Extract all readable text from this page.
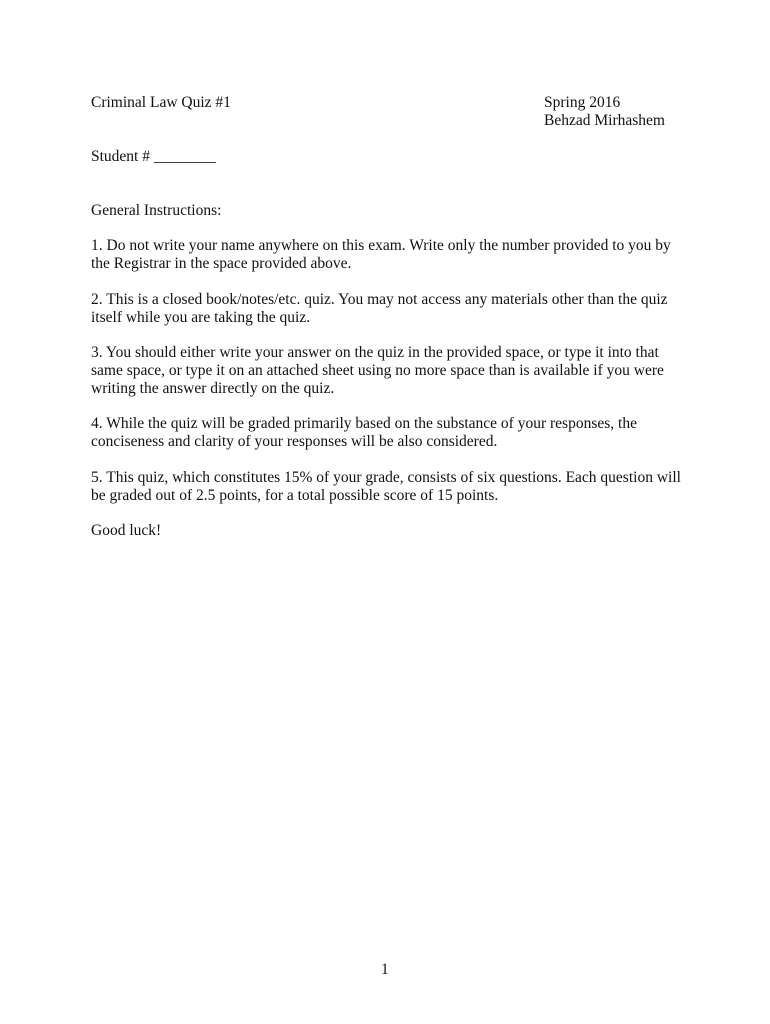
Criminal Law Quiz #1	Spring 2016
Behzad Mirhashem
Student # ________
General Instructions:
1. Do not write your name anywhere on this exam. Write only the number provided to you by
the Registrar in the space provided above.
2. This is a closed book/notes/etc. quiz. You may not access any materials other than the quiz
itself while you are taking the quiz.
3. You should either write your answer on the quiz in the provided space, or type it into that
same space, or type it on an attached sheet using no more space than is available if you were
writing the answer directly on the quiz.
4. While the quiz will be graded primarily based on the substance of your responses, the
conciseness and clarity of your responses will be also considered.
5. This quiz, which constitutes 15% of your grade, consists of six questions. Each question will
be graded out of 2.5 points, for a total possible score of 15 points.
Good luck!
1
